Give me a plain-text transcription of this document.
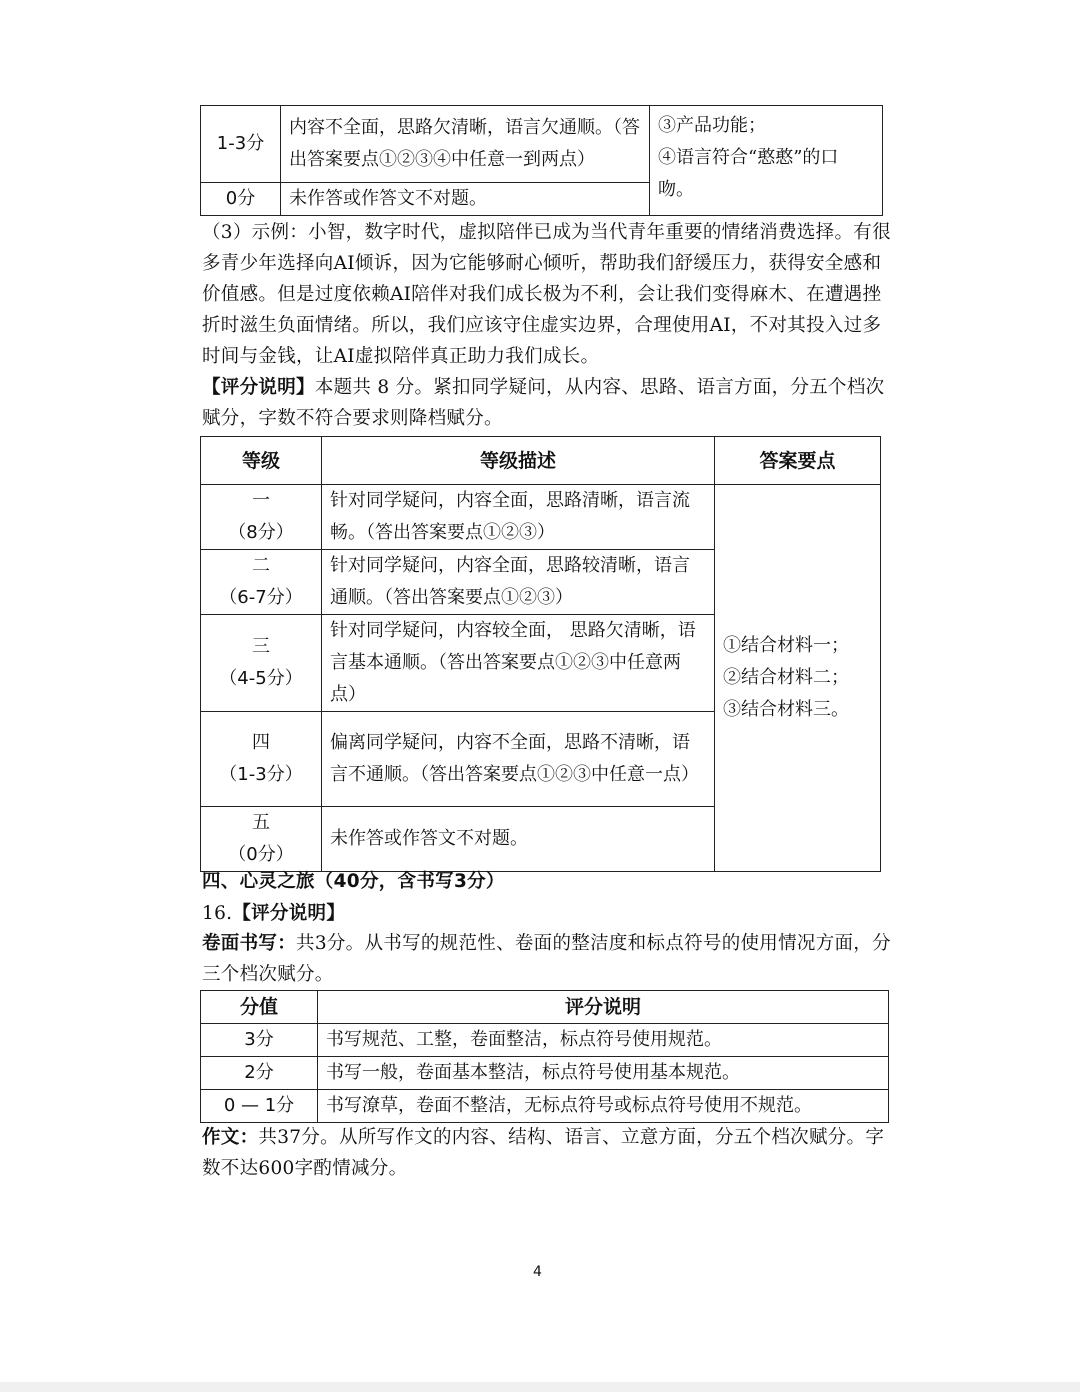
1-3分	内容不全面，思路欠清晰，语言欠通顺。（答出答案要点①②③④中任意一到两点）	③产品功能；
④语言符合“憨憨”的口吻。

0分	未作答或作答文不对题。	

（3）示例：小智，数字时代，虚拟陪伴已成为当代青年重要的情绪消费选择。有很多青少年选择向AI倾诉，因为它能够耐心倾听，帮助我们舒缓压力，获得安全感和价值感。但是过度依赖AI陪伴对我们成长极为不利，会让我们变得麻木、在遭遇挫折时滋生负面情绪。所以，我们应该守住虚实边界，合理使用AI，不对其投入过多时间与金钱，让AI虚拟陪伴真正助力我们成长。

【评分说明】本题共 8 分。紧扣同学疑问，从内容、思路、语言方面，分五个档次赋分，字数不符合要求则降档赋分。

等级	等级描述	答案要点

一
（8分）	针对同学疑问，内容全面，思路清晰，语言流畅。（答出答案要点①②③）	①结合材料一；
②结合材料二；
③结合材料三。

二
（6-7分）	针对同学疑问，内容全面，思路较清晰，语言通顺。（答出答案要点①②③）	

三
（4-5分）	针对同学疑问，内容较全面， 思路欠清晰，语言基本通顺。（答出答案要点①②③中任意两点）	

四
（1-3分）	偏离同学疑问，内容不全面，思路不清晰，语言不通顺。（答出答案要点①②③中任意一点）	

五
（0分）	未作答或作答文不对题。	

四、心灵之旅（40分，含书写3分）

16.【评分说明】

卷面书写：共3分。从书写的规范性、卷面的整洁度和标点符号的使用情况方面，分三个档次赋分。

分值	评分说明
3分	书写规范、工整，卷面整洁，标点符号使用规范。
2分	书写一般，卷面基本整洁，标点符号使用基本规范。
0 — 1分	书写潦草，卷面不整洁，无标点符号或标点符号使用不规范。

作文：共37分。从所写作文的内容、结构、语言、立意方面，分五个档次赋分。字数不达600字酌情减分。

4
